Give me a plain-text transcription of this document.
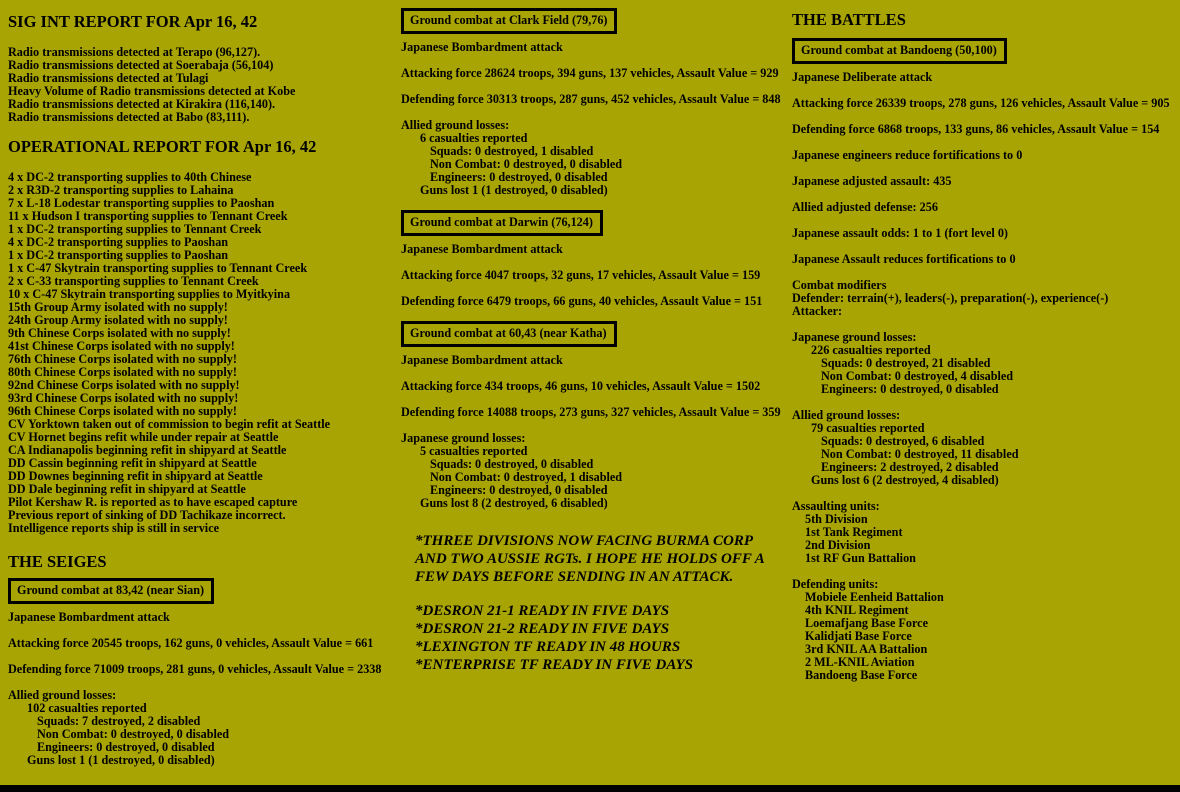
SIG INT REPORT FOR Apr 16, 42
Radio transmissions detected at Terapo (96,127).
Radio transmissions detected at Soerabaja (56,104)
Radio transmissions detected at Tulagi
Heavy Volume of Radio transmissions detected at Kobe
Radio transmissions detected at Kirakira (116,140).
Radio transmissions detected at Babo (83,111).
OPERATIONAL REPORT FOR Apr 16, 42
4 x DC-2 transporting supplies to 40th Chinese
2 x R3D-2 transporting supplies to Lahaina
7 x L-18 Lodestar transporting supplies to Paoshan
11 x Hudson I transporting supplies to Tennant Creek
1 x DC-2 transporting supplies to Tennant Creek
4 x DC-2 transporting supplies to Paoshan
1 x DC-2 transporting supplies to Paoshan
1 x C-47 Skytrain transporting supplies to Tennant Creek
2 x C-33 transporting supplies to Tennant Creek
10 x C-47 Skytrain transporting supplies to Myitkyina
15th Group Army isolated with no supply!
24th Group Army isolated with no supply!
9th Chinese Corps isolated with no supply!
41st Chinese Corps isolated with no supply!
76th Chinese Corps isolated with no supply!
80th Chinese Corps isolated with no supply!
92nd Chinese Corps isolated with no supply!
93rd Chinese Corps isolated with no supply!
96th Chinese Corps isolated with no supply!
CV Yorktown taken out of commission to begin refit at Seattle
CV Hornet begins refit while under repair at Seattle
CA Indianapolis beginning refit in shipyard at Seattle
DD Cassin beginning refit in shipyard at Seattle
DD Downes beginning refit in shipyard at Seattle
DD Dale beginning refit in shipyard at Seattle
Pilot Kershaw R. is reported as to have escaped capture
Previous report of sinking of DD Tachikaze incorrect.
Intelligence reports ship is still in service
THE SEIGES
Ground combat at 83,42 (near Sian)
Japanese Bombardment attack
Attacking force 20545 troops, 162 guns, 0 vehicles, Assault Value = 661
Defending force 71009 troops, 281 guns, 0 vehicles, Assault Value = 2338
Allied ground losses:
102 casualties reported
Squads: 7 destroyed, 2 disabled
Non Combat: 0 destroyed, 0 disabled
Engineers: 0 destroyed, 0 disabled
Guns lost 1 (1 destroyed, 0 disabled)
Ground combat at Clark Field (79,76)
Japanese Bombardment attack
Attacking force 28624 troops, 394 guns, 137 vehicles, Assault Value = 929
Defending force 30313 troops, 287 guns, 452 vehicles, Assault Value = 848
Allied ground losses:
6 casualties reported
Squads: 0 destroyed, 1 disabled
Non Combat: 0 destroyed, 0 disabled
Engineers: 0 destroyed, 0 disabled
Guns lost 1 (1 destroyed, 0 disabled)
Ground combat at Darwin (76,124)
Japanese Bombardment attack
Attacking force 4047 troops, 32 guns, 17 vehicles, Assault Value = 159
Defending force 6479 troops, 66 guns, 40 vehicles, Assault Value = 151
Ground combat at 60,43 (near Katha)
Japanese Bombardment attack
Attacking force 434 troops, 46 guns, 10 vehicles, Assault Value = 1502
Defending force 14088 troops, 273 guns, 327 vehicles, Assault Value = 359
Japanese ground losses:
5 casualties reported
Squads: 0 destroyed, 0 disabled
Non Combat: 0 destroyed, 1 disabled
Engineers: 0 destroyed, 0 disabled
Guns lost 8 (2 destroyed, 6 disabled)
*THREE DIVISIONS NOW FACING BURMA CORP
AND TWO AUSSIE RGTs. I HOPE HE HOLDS OFF A
FEW DAYS BEFORE SENDING IN AN ATTACK.
*DESRON 21-1 READY IN FIVE DAYS
*DESRON 21-2 READY IN FIVE DAYS
*LEXINGTON TF READY IN 48 HOURS
*ENTERPRISE TF READY IN FIVE DAYS
THE BATTLES
Ground combat at Bandoeng (50,100)
Japanese Deliberate attack
Attacking force 26339 troops, 278 guns, 126 vehicles, Assault Value = 905
Defending force 6868 troops, 133 guns, 86 vehicles, Assault Value = 154
Japanese engineers reduce fortifications to 0
Japanese adjusted assault: 435
Allied adjusted defense: 256
Japanese assault odds: 1 to 1 (fort level 0)
Japanese Assault reduces fortifications to 0
Combat modifiers
Defender: terrain(+), leaders(-), preparation(-), experience(-)
Attacker:
Japanese ground losses:
226 casualties reported
Squads: 0 destroyed, 21 disabled
Non Combat: 0 destroyed, 4 disabled
Engineers: 0 destroyed, 0 disabled
Allied ground losses:
79 casualties reported
Squads: 0 destroyed, 6 disabled
Non Combat: 0 destroyed, 11 disabled
Engineers: 2 destroyed, 2 disabled
Guns lost 6 (2 destroyed, 4 disabled)
Assaulting units:
5th Division
1st Tank Regiment
2nd Division
1st RF Gun Battalion
Defending units:
Mobiele Eenheid Battalion
4th KNIL Regiment
Loemafjang Base Force
Kalidjati Base Force
3rd KNIL AA Battalion
2 ML-KNIL Aviation
Bandoeng Base Force
